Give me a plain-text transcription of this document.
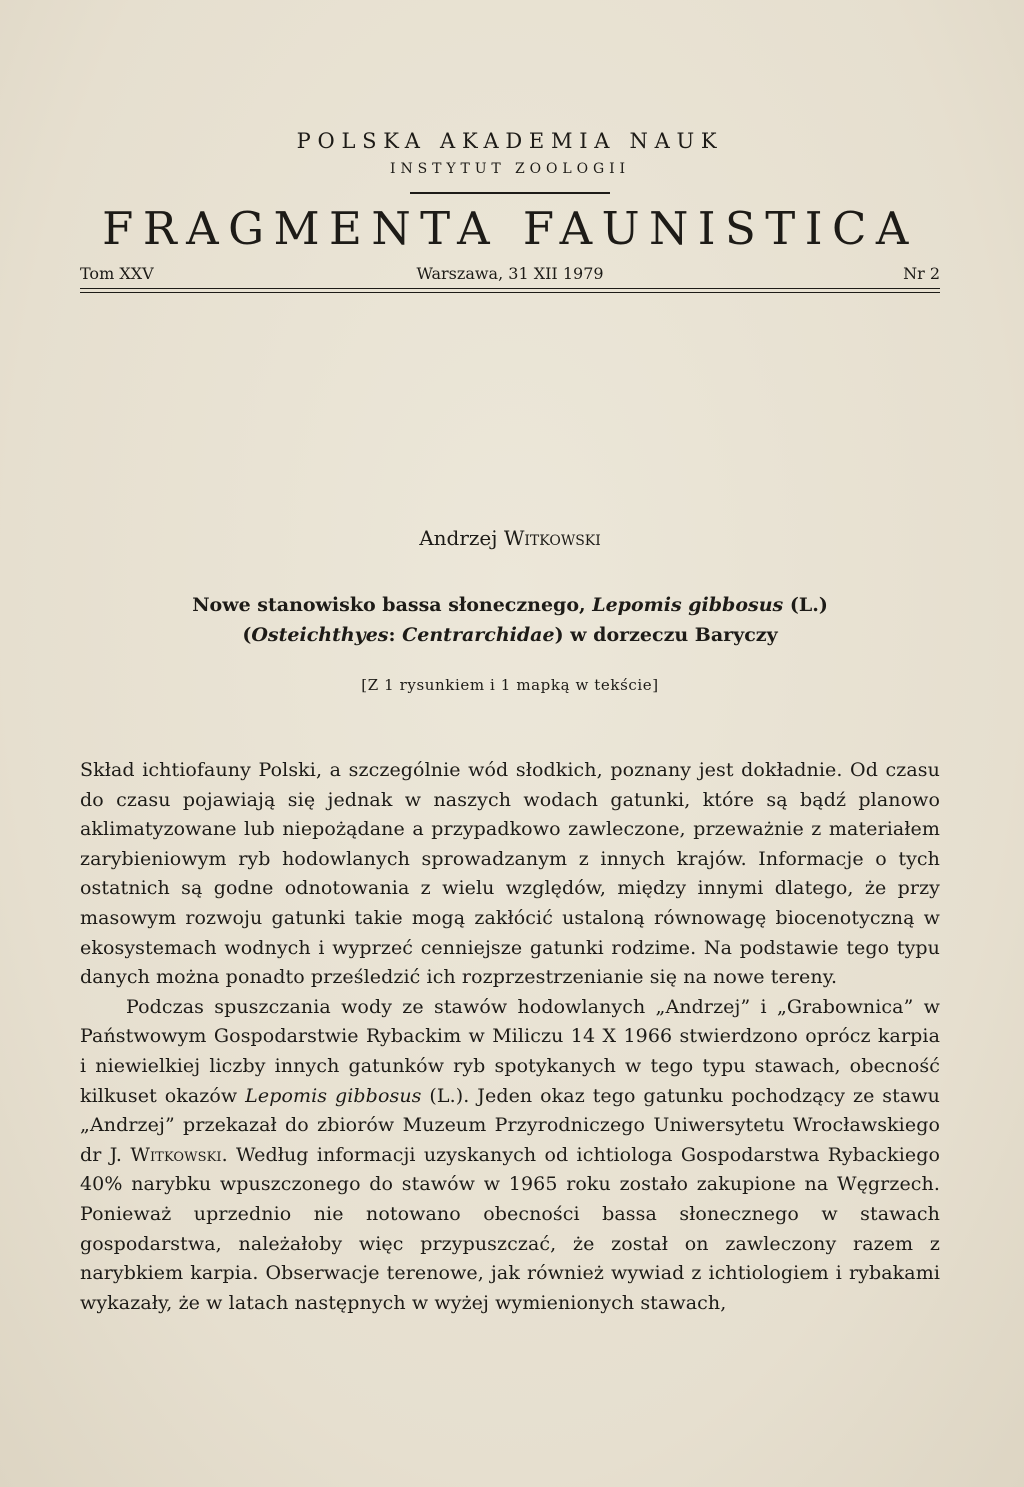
POLSKA AKADEMIA NAUK

INSTYTUT ZOOLOGII

FRAGMENTA FAUNISTICA
Tom XXV	Warszawa, 31 XII 1979	Nr 2
Andrzej Witkowski
Nowe stanowisko bassa słonecznego, Lepomis gibbosus (L.)
(Osteichthyes: Centrarchidae) w dorzeczu Baryczy
[Z 1 rysunkiem i 1 mapką w tekście]

Skład ichtiofauny Polski, a szczególnie wód słodkich, poznany jest dokładnie. Od czasu do czasu pojawiają się jednak w naszych wodach gatunki, które są bądź planowo aklimatyzowane lub niepożądane a przypadkowo zawleczone, przeważnie z materiałem zarybieniowym ryb hodowlanych sprowadzanym z innych krajów. Informacje o tych ostatnich są godne odnotowania z wielu względów, między innymi dlatego, że przy masowym rozwoju gatunki takie mogą zakłócić ustaloną równowagę biocenotyczną w ekosystemach wodnych i wyprzeć cenniejsze gatunki rodzime. Na podstawie tego typu danych można ponadto prześledzić ich rozprzestrzenianie się na nowe tereny.

Podczas spuszczania wody ze stawów hodowlanych „Andrzej” i „Grabownica” w Państwowym Gospodarstwie Rybackim w Miliczu 14 X 1966 stwierdzono oprócz karpia i niewielkiej liczby innych gatunków ryb spotykanych w tego typu stawach, obecność kilkuset okazów Lepomis gibbosus (L.). Jeden okaz tego gatunku pochodzący ze stawu „Andrzej” przekazał do zbiorów Muzeum Przyrodniczego Uniwersytetu Wrocławskiego dr J. Witkowski. Według informacji uzyskanych od ichtiologa Gospodarstwa Rybackiego 40% narybku wpuszczonego do stawów w 1965 roku zostało zakupione na Węgrzech. Ponieważ uprzednio nie notowano obecności bassa słonecznego w stawach gospodarstwa, należałoby więc przypuszczać, że został on zawleczony razem z narybkiem karpia. Obserwacje terenowe, jak również wywiad z ichtiologiem i rybakami wykazały, że w latach następnych w wyżej wymienionych stawach,
